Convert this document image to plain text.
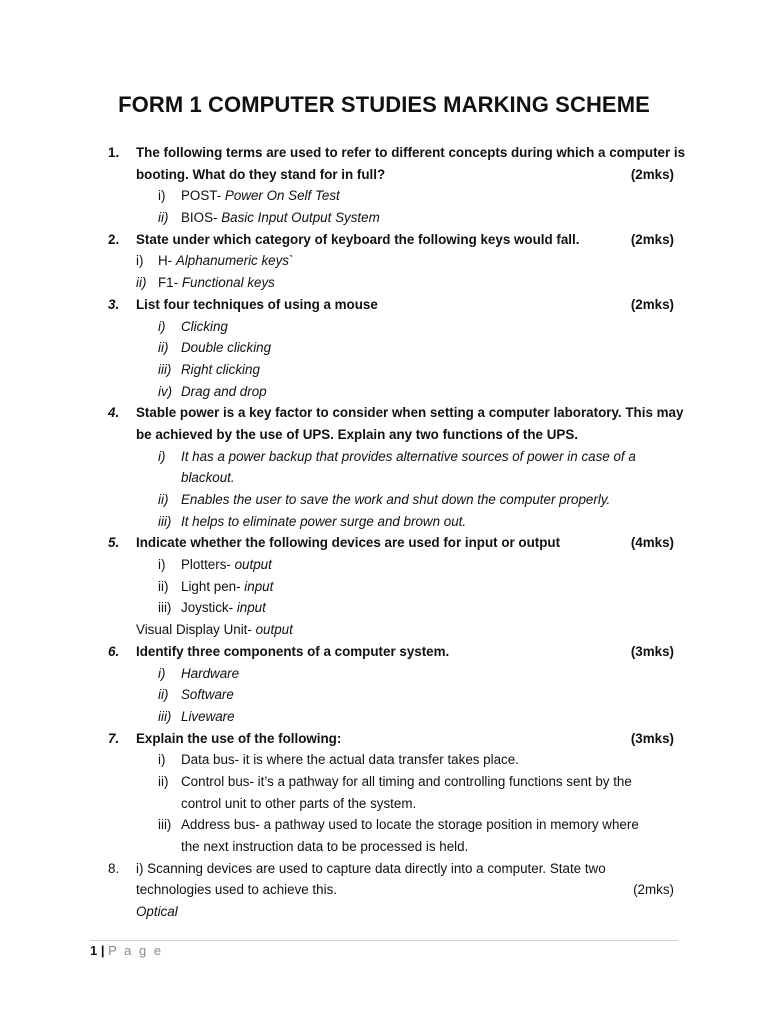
FORM 1 COMPUTER STUDIES MARKING SCHEME
1.	The following terms are used to refer to different concepts during which a computer is
booting. What do they stand for in full?	(2mks)
i)	POST- Power On Self Test
ii) BIOS- Basic Input Output System
2.	State under which category of keyboard the following keys would fall.	(2mks)
i)	H- Alphanumeric keys`
ii) F1- Functional keys
3.	List four techniques of using a mouse	(2mks)
i)	Clicking
ii) Double clicking
iii) Right clicking
iv) Drag and drop
4.	Stable power is a key factor to consider when setting a computer laboratory. This may
be achieved by the use of UPS. Explain any two functions of the UPS.
i)	It has a power backup that provides alternative sources of power in case of a
blackout.
ii) Enables the user to save the work and shut down the computer properly.
iii) It helps to eliminate power surge and brown out.
5.	Indicate whether the following devices are used for input or output	(4mks)
i)	Plotters- output
ii) Light pen- input
iii) Joystick- input
Visual Display Unit- output
6.	Identify three components of a computer system.	(3mks)
i)	Hardware
ii) Software
iii) Liveware
7.	Explain the use of the following:	(3mks)
i)	Data bus- it is where the actual data transfer takes place.
ii) Control bus- it’s a pathway for all timing and controlling functions sent by the
control unit to other parts of the system.
iii) Address bus- a pathway used to locate the storage position in memory where
the next instruction data to be processed is held.
8.	i) Scanning devices are used to capture data directly into a computer. State two
technologies used to achieve this.	(2mks)
Optical
1 | P a g e
